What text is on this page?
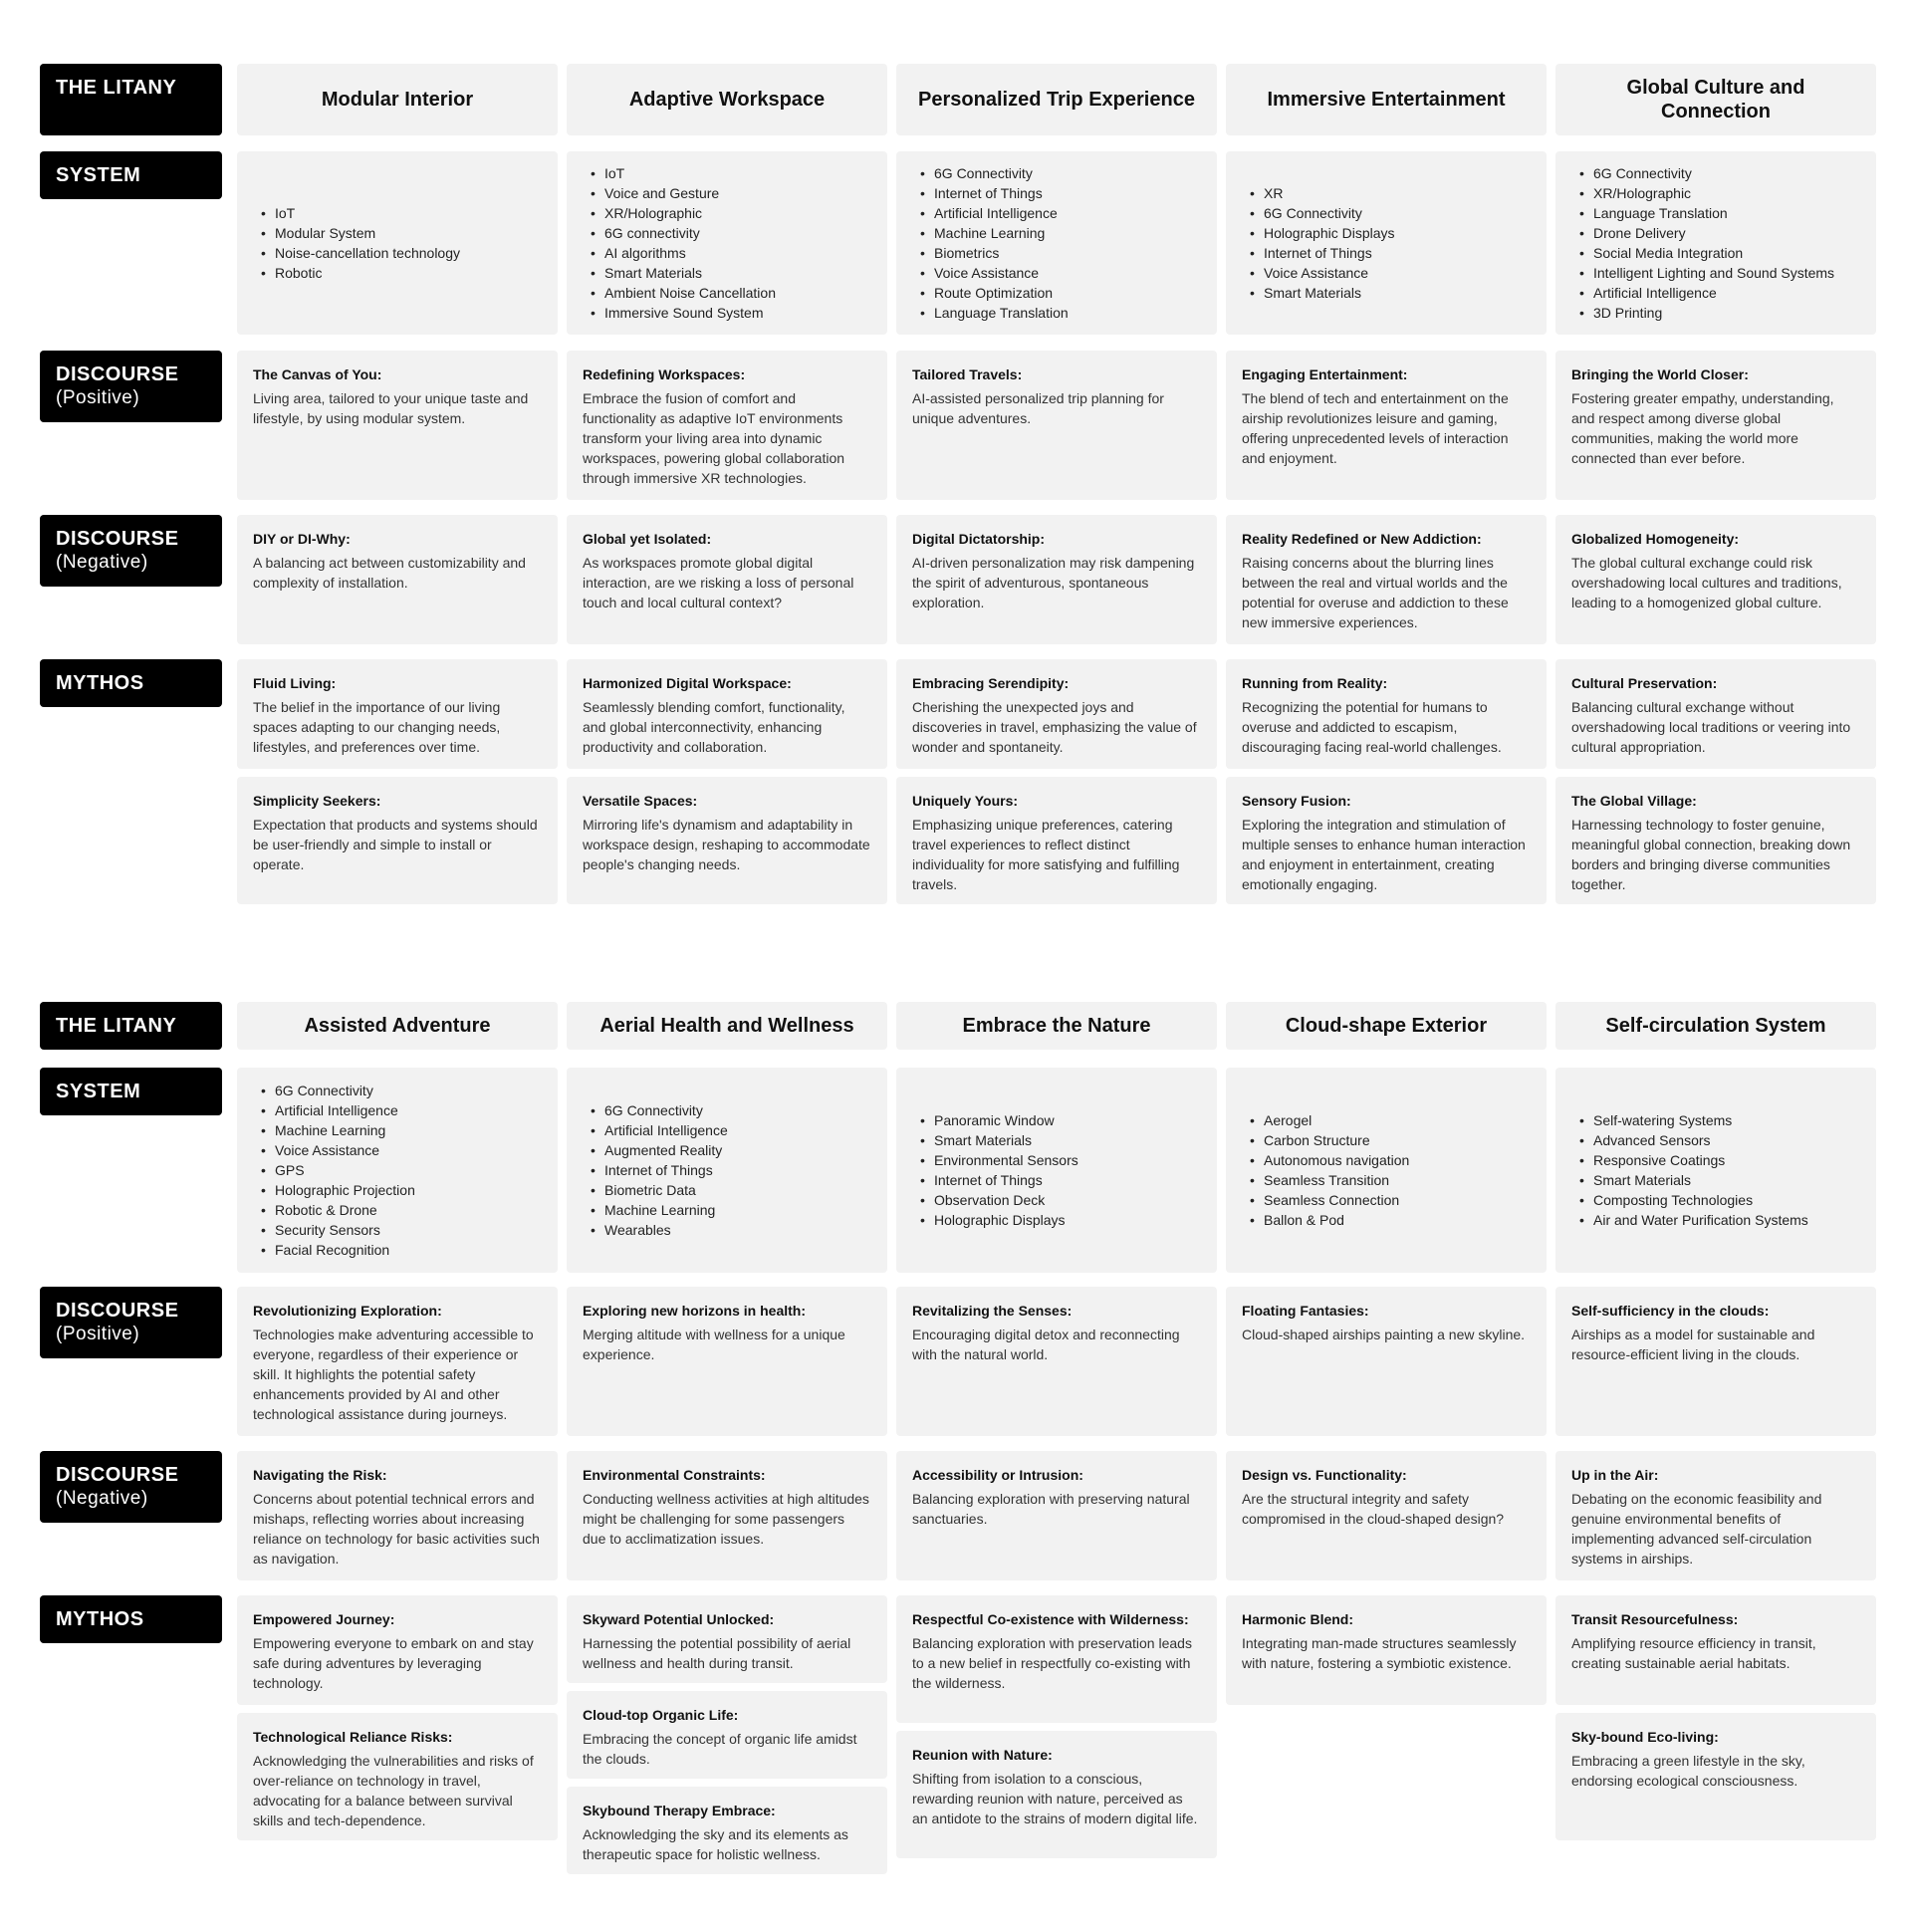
THE LITANY
Modular Interior	Adaptive Workspace	Personalized Trip Experience	Immersive Entertainment
Global Culture and Connection
SYSTEM
• IoT
• Modular System
• Noise-cancellation technology
• Robotic
• IoT
• Voice and Gesture
• XR/Holographic
• 6G connectivity
• AI algorithms
• Smart Materials
• Ambient Noise Cancellation
• Immersive Sound System
• 6G Connectivity
• Internet of Things
• Artificial Intelligence
• Machine Learning
• Biometrics
• Voice Assistance
• Route Optimization
• Language Translation
• XR
• 6G Connectivity
• Holographic Displays
• Internet of Things
• Voice Assistance
• Smart Materials
• 6G Connectivity
• XR/Holographic
• Language Translation
• Drone Delivery
• Social Media Integration
• Intelligent Lighting and Sound Systems
• Artificial Intelligence
• 3D Printing
DISCOURSE
(Positive)
The Canvas of You:
Living area, tailored to your unique taste and lifestyle, by using modular system.
Redefining Workspaces:
Embrace the fusion of comfort and functionality as adaptive IoT environments transform your living area into dynamic workspaces, powering global collaboration through immersive XR technologies.
Tailored Travels:
AI-assisted personalized trip planning for unique adventures.
Engaging Entertainment:
The blend of tech and entertainment on the airship revolutionizes leisure and gaming, offering unprecedented levels of interaction and enjoyment.
Bringing the World Closer:
Fostering greater empathy, understanding, and respect among diverse global communities, making the world more connected than ever before.
DISCOURSE
(Negative)
DIY or DI-Why:
A balancing act between customizability and complexity of installation.
Global yet Isolated:
As workspaces promote global digital interaction, are we risking a loss of personal touch and local cultural context?
Digital Dictatorship:
AI-driven personalization may risk dampening the spirit of adventurous, spontaneous exploration.
Reality Redefined or New Addiction:
Raising concerns about the blurring lines between the real and virtual worlds and the potential for overuse and addiction to these new immersive experiences.
Globalized Homogeneity:
The global cultural exchange could risk overshadowing local cultures and traditions, leading to a homogenized global culture.
MYTHOS	Fluid Living:
The belief in the importance of our living spaces adapting to our changing needs, lifestyles, and preferences over time.
Simplicity Seekers:
Expectation that products and systems should be user-friendly and simple to install or operate.
Harmonized Digital Workspace:
Seamlessly blending comfort, functionality, and global interconnectivity, enhancing productivity and collaboration.
Versatile Spaces:
Mirroring life's dynamism and adaptability in workspace design, reshaping to accommodate people's changing needs.
Embracing Serendipity:
Cherishing the unexpected joys and discoveries in travel, emphasizing the value of wonder and spontaneity.
Uniquely Yours:
Emphasizing unique preferences, catering travel experiences to reflect distinct individuality for more satisfying and fulfilling travels.
Running from Reality:
Recognizing the potential for humans to overuse and addicted to escapism, discouraging facing real-world challenges.
Sensory Fusion:
Exploring the integration and stimulation of multiple senses to enhance human interaction and enjoyment in entertainment, creating emotionally engaging.
Cultural Preservation:
Balancing cultural exchange without overshadowing local traditions or veering into cultural appropriation.
The Global Village:
Harnessing technology to foster genuine, meaningful global connection, breaking down borders and bringing diverse communities together.
THE LITANY	Assisted Adventure	Aerial Health and Wellness	Embrace the Nature	Cloud-shape Exterior	Self-circulation System
SYSTEM
•	6G Connectivity
• Artificial Intelligence
• Machine Learning
• Voice Assistance
• GPS
• Holographic Projection
• Robotic & Drone
• Security Sensors
• Facial Recognition
• 6G Connectivity
• Artificial Intelligence
• Augmented Reality
• Internet of Things
• Biometric Data
• Machine Learning
• Wearables
• Panoramic Window
• Smart Materials
• Environmental Sensors
• Internet of Things
• Observation Deck
• Holographic Displays
• Aerogel
• Carbon Structure
• Autonomous navigation
• Seamless Transition
• Seamless Connection
• Ballon & Pod
• Self-watering Systems
• Advanced Sensors
• Responsive Coatings
• Smart Materials
• Composting Technologies
• Air and Water Purification Systems
DISCOURSE
(Positive)
Revolutionizing Exploration:
Technologies make adventuring accessible to everyone, regardless of their experience or skill. It highlights the potential safety enhancements provided by AI and other technological assistance during journeys.
Exploring new horizons in health:
Merging altitude with wellness for a unique experience.
Revitalizing the Senses:
Encouraging digital detox and reconnecting with the natural world.
Floating Fantasies:
Cloud-shaped airships painting a new skyline.
Self-sufficiency in the clouds:
Airships as a model for sustainable and resource-efficient living in the clouds.
DISCOURSE
(Negative)
Navigating the Risk:
Concerns about potential technical errors and mishaps, reflecting worries about increasing reliance on technology for basic activities such as navigation.
Environmental Constraints:
Conducting wellness activities at high altitudes might be challenging for some passengers due to acclimatization issues.
Accessibility or Intrusion:
Balancing exploration with preserving natural sanctuaries.
Design vs. Functionality:
Are the structural integrity and safety compromised in the cloud-shaped design?
Up in the Air:
Debating on the economic feasibility and genuine environmental benefits of implementing advanced self-circulation systems in airships.
MYTHOS	Empowered Journey:
Empowering everyone to embark on and stay safe during adventures by leveraging technology.
Technological Reliance Risks:
Acknowledging the vulnerabilities and risks of over-reliance on technology in travel, advocating for a balance between survival skills and tech-dependence.
Skyward Potential Unlocked:
Harnessing the potential possibility of aerial wellness and health during transit.
Cloud-top Organic Life:
Embracing the concept of organic life amidst the clouds.
Skybound Therapy Embrace:
Acknowledging the sky and its elements as therapeutic space for holistic wellness.
Respectful Co-existence with Wilderness:
Balancing exploration with preservation leads to a new belief in respectfully co-existing with the wilderness.
Reunion with Nature:
Shifting from isolation to a conscious, rewarding reunion with nature, perceived as an antidote to the strains of modern digital life.
Harmonic Blend:
Integrating man-made structures seamlessly with nature, fostering a symbiotic existence.
Transit Resourcefulness:
Amplifying resource efficiency in transit, creating sustainable aerial habitats.
Sky-bound Eco-living:
Embracing a green lifestyle in the sky, endorsing ecological consciousness.
